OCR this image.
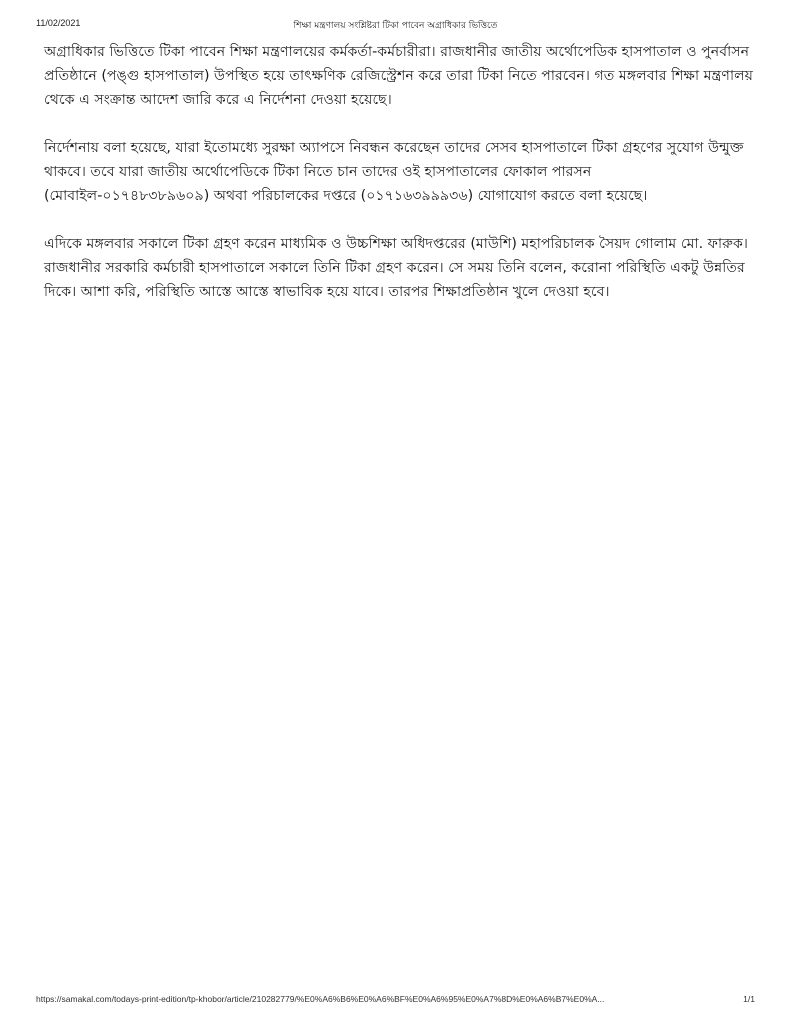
11/02/2021	শিক্ষা মন্ত্রণালয় সংশ্লিষ্টরা টিকা পাবেন অগ্রাধিকার ভিত্তিতে

অগ্রাধিকার ভিত্তিতে টিকা পাবেন শিক্ষা মন্ত্রণালয়ের কর্মকর্তা-কর্মচারীরা। রাজধানীর জাতীয় অর্থোপেডিক হাসপাতাল ও পুনর্বাসন প্রতিষ্ঠানে (পঙ্গু হাসপাতাল) উপস্থিত হয়ে তাৎক্ষণিক রেজিস্ট্রেশন করে তারা টিকা নিতে পারবেন। গত মঙ্গলবার শিক্ষা মন্ত্রণালয় থেকে এ সংক্রান্ত আদেশ জারি করে এ নির্দেশনা দেওয়া হয়েছে।

নির্দেশনায় বলা হয়েছে, যারা ইতোমধ্যে সুরক্ষা অ্যাপসে নিবন্ধন করেছেন তাদের সেসব হাসপাতালে টিকা গ্রহণের সুযোগ উন্মুক্ত থাকবে। তবে যারা জাতীয় অর্থোপেডিকে টিকা নিতে চান তাদের ওই হাসপাতালের ফোকাল পারসন (মোবাইল-০১৭৪৮৩৮৯৬০৯) অথবা পরিচালকের দপ্তরে (০১৭১৬৩৯৯৯৩৬) যোগাযোগ করতে বলা হয়েছে।

এদিকে মঙ্গলবার সকালে টিকা গ্রহণ করেন মাধ্যমিক ও উচ্চশিক্ষা অধিদপ্তরের (মাউশি) মহাপরিচালক সৈয়দ গোলাম মো. ফারুক। রাজধানীর সরকারি কর্মচারী হাসপাতালে সকালে তিনি টিকা গ্রহণ করেন। সে সময় তিনি বলেন, করোনা পরিস্থিতি একটু উন্নতির দিকে। আশা করি, পরিস্থিতি আস্তে আস্তে স্বাভাবিক হয়ে যাবে। তারপর শিক্ষাপ্রতিষ্ঠান খুলে দেওয়া হবে।

https://samakal.com/todays-print-edition/tp-khobor/article/210282779/%E0%A6%B6%E0%A6%BF%E0%A6%95%E0%A7%8D%E0%A6%B7%E0%A...	1/1
